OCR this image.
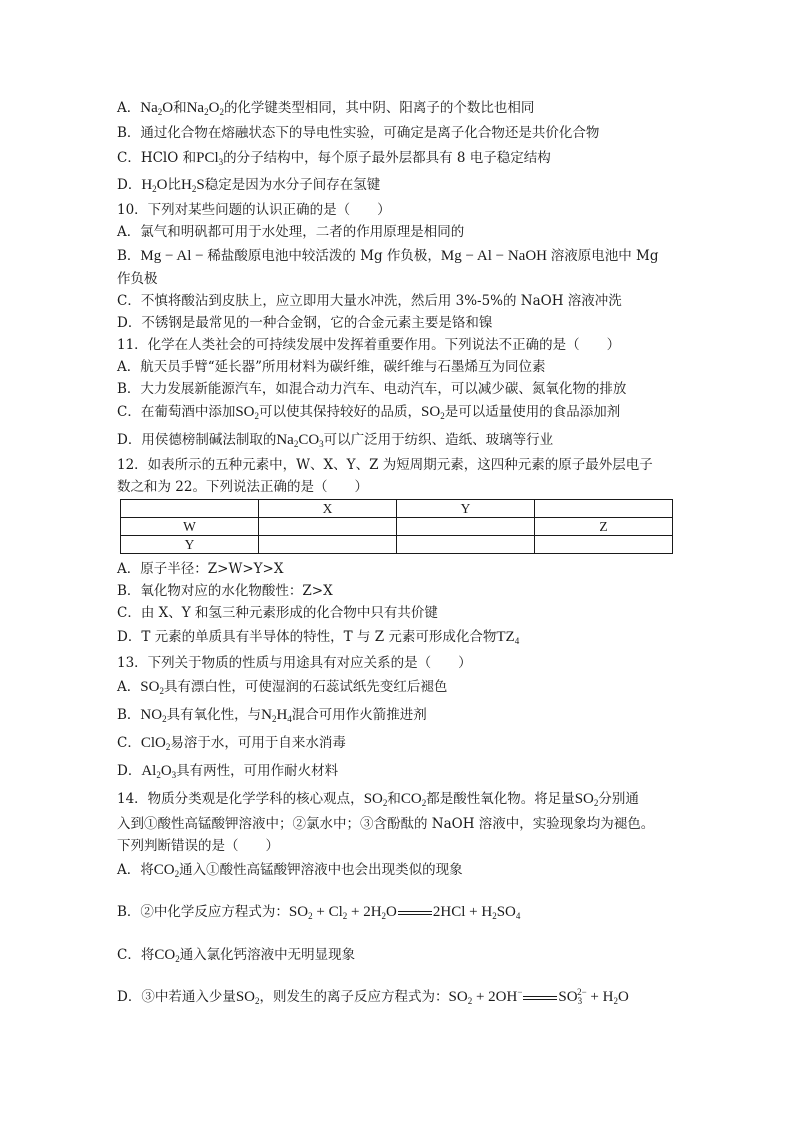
A．$Na_2O$和$Na_2O_2$的化学键类型相同，其中阴、阳离子的个数比也相同
B．通过化合物在熔融状态下的导电性实验，可确定是离子化合物还是共价化合物
C．HClO 和PCl$_3$的分子结构中，每个原子最外层都具有 8 电子稳定结构
D．$H_2O$比$H_2S$稳定是因为水分子间存在氢键
10．下列对某些问题的认识正确的是（　　）
A．氯气和明矾都可用于水处理，二者的作用原理是相同的
B．Mg − Al − 稀盐酸原电池中较活泼的 Mg 作负极，Mg − Al − NaOH 溶液原电池中 Mg
作负极
C．不慎将酸沾到皮肤上，应立即用大量水冲洗，然后用 3%-5%的 NaOH 溶液冲洗
D．不锈钢是最常见的一种合金钢，它的合金元素主要是铬和镍
11．化学在人类社会的可持续发展中发挥着重要作用。下列说法不正确的是（　　）
A．航天员手臂“延长器”所用材料为碳纤维，碳纤维与石墨烯互为同位素
B．大力发展新能源汽车，如混合动力汽车、电动汽车，可以减少碳、氮氧化物的排放
C．在葡萄酒中添加$SO_2$可以使其保持较好的品质，$SO_2$是可以适量使用的食品添加剂
D．用侯德榜制碱法制取的$Na_2CO_3$可以广泛用于纺织、造纸、玻璃等行业
12．如表所示的五种元素中，W、X、Y、Z 为短周期元素，这四种元素的原子最外层电子
数之和为 22。下列说法正确的是（　　）
	X	Y	
W			Z
Y			
A．原子半径：Z>W>Y>X
B．氧化物对应的水化物酸性：Z>X
C．由 X、Y 和氢三种元素形成的化合物中只有共价键
D．T 元素的单质具有半导体的特性，T 与 Z 元素可形成化合物$TZ_4$
13．下列关于物质的性质与用途具有对应关系的是（　　）
A．$SO_2$具有漂白性，可使湿润的石蕊试纸先变红后褪色
B．$NO_2$具有氧化性，与$N_2H_4$混合可用作火箭推进剂
C．ClO$_2$易溶于水，可用于自来水消毒
D．$Al_2O_3$具有两性，可用作耐火材料
14．物质分类观是化学学科的核心观点，$SO_2$和$CO_2$都是酸性氧化物。将足量$SO_2$分别通
入到①酸性高锰酸钾溶液中；②氯水中；③含酚酞的 NaOH 溶液中，实验现象均为褪色。
下列判断错误的是（　　）
A．将$CO_2$通入①酸性高锰酸钾溶液中也会出现类似的现象
B．②中化学反应方程式为：$SO_2 + Cl_2 + 2H_2O$ $2HCl + H_2SO_4$
C．将$CO_2$通入氯化钙溶液中无明显现象
D．③中若通入少量$SO_2$，则发生的离子反应方程式为：$SO_2 + 2OH^-$ $SO_3^{2-} + H_2O$
